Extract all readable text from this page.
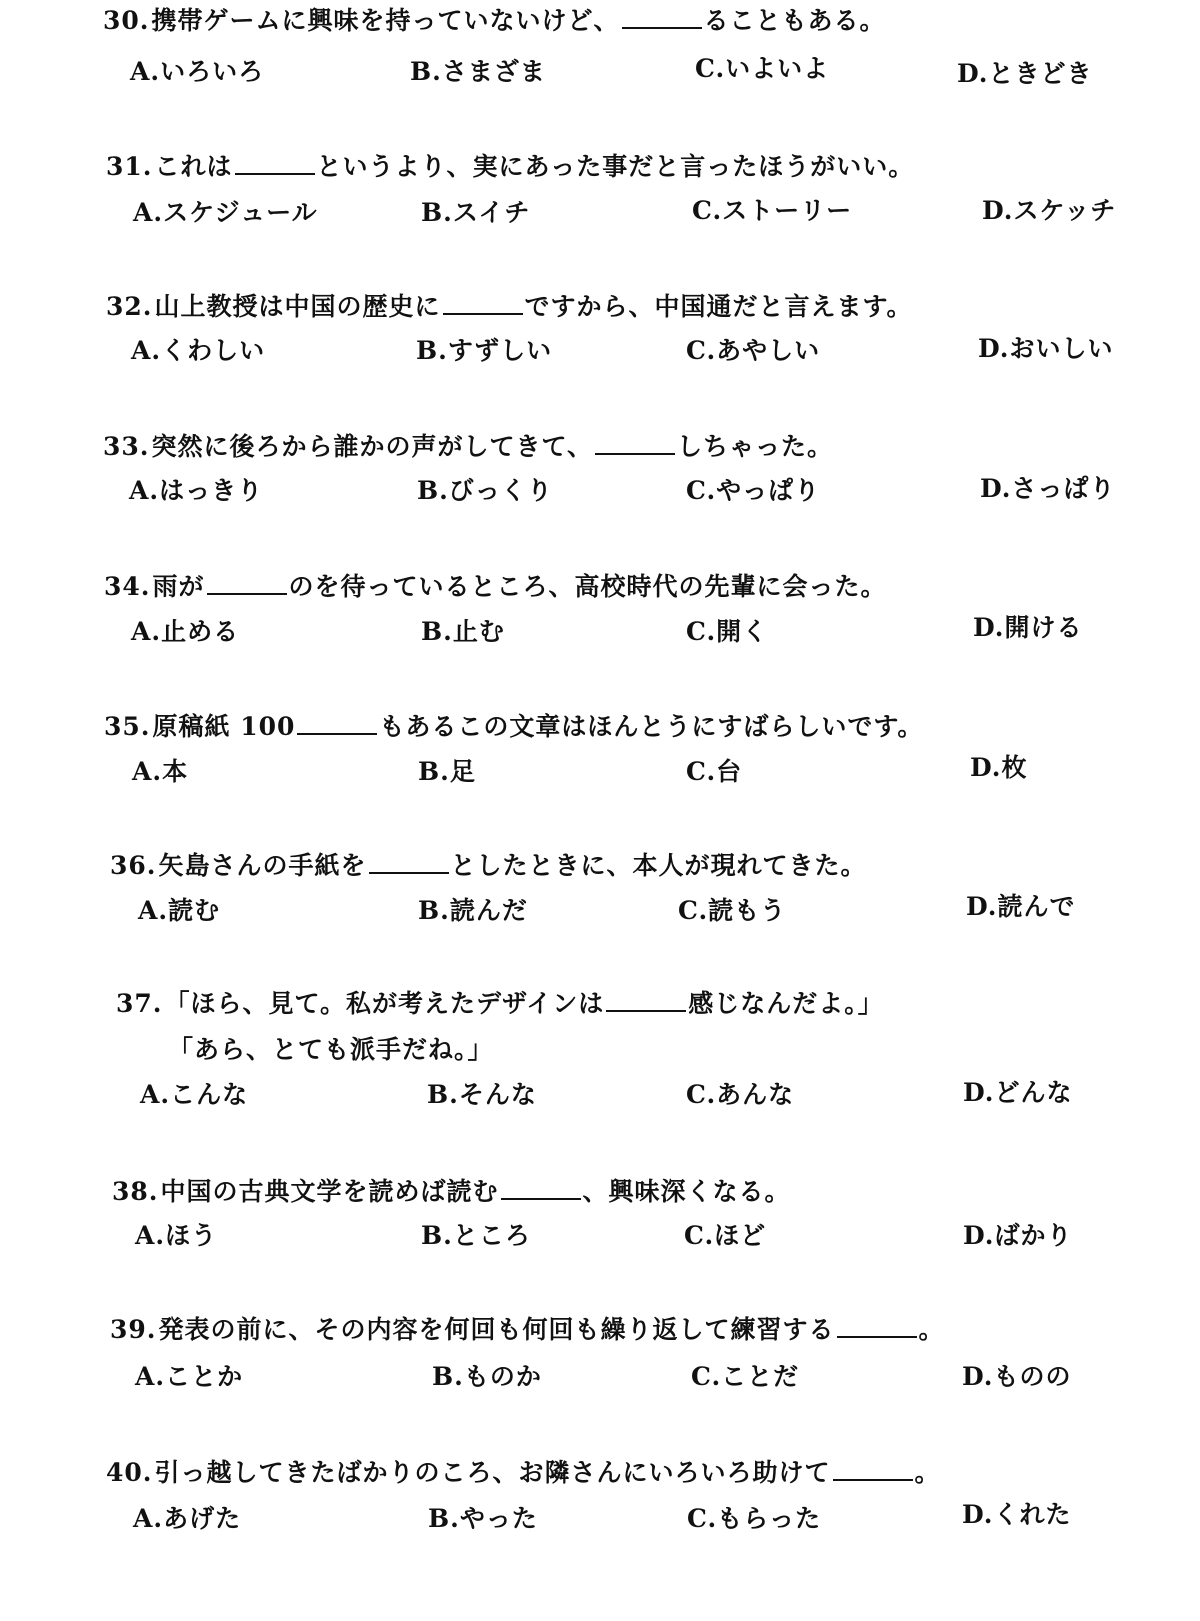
30.携帯ゲームに興味を持っていないけど、	ることもある。
A.いろいろ	B.さまざま	C.いよいよ	D.ときどき
31.これは	というより、実にあった事だと言ったほうがいい。
A.スケジュール	B.スイチ	C.ストーリー	D.スケッチ
32.山上教授は中国の歴史に	ですから、中国通だと言えます。
A.くわしい	B.すずしい	C.あやしい	D.おいしい
33.突然に後ろから誰かの声がしてきて、	しちゃった。
A.はっきり	B.びっくり	C.やっぱり	D.さっぱり
34.雨が	のを待っているところ、高校時代の先輩に会った。
A.止める	B.止む	C.開く	D.開ける
35.原稿紙 100	もあるこの文章はほんとうにすばらしいです。
A.本	B.足	C.台	D.枚
36.矢島さんの手紙を	としたときに、本人が現れてきた。
A.読む	B.読んだ	C.読もう	D.読んで
37.「ほら、見て。私が考えたデザインは	感じなんだよ。」
「あら、とても派手だね。」
A.こんな	B.そんな	C.あんな	D.どんな
38.中国の古典文学を読めば読む	、興味深くなる。
A.ほう	B.ところ	C.ほど	D.ばかり
39.発表の前に、その内容を何回も何回も繰り返して練習する	。
A.ことか	B.ものか	C.ことだ	D.ものの
40.引っ越してきたばかりのころ、お隣さんにいろいろ助けて	。
A.あげた	B.やった	C.もらった	D.くれた
